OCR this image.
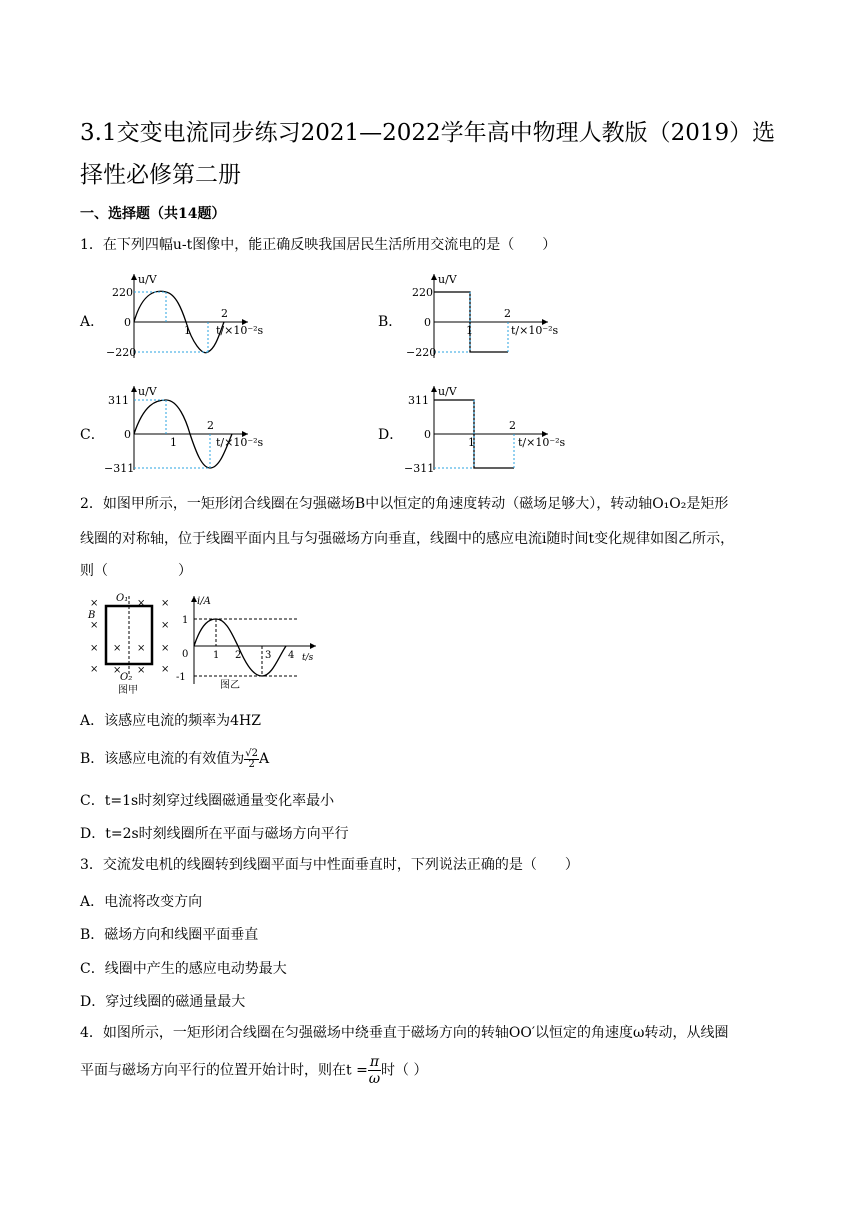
3.1交变电流同步练习2021—2022学年高中物理人教版（2019）选择性必修第二册
一、选择题（共14题）
1．在下列四幅u-t图像中，能正确反映我国居民生活所用交流电的是（　　）
A．	B．
C．	D．
u/V
220
0
−220
1
2
t/×10⁻²s
u/V
220
0
−220
1
2
t/×10⁻²s
u/V
311
0
−311
1
2
t/×10⁻²s
u/V
311
0
−311
1
2
t/×10⁻²s
2．如图甲所示，一矩形闭合线圈在匀强磁场B中以恒定的角速度转动（磁场足够大），转动轴O₁O₂是矩形
线圈的对称轴，位于线圈平面内且与匀强磁场方向垂直，线圈中的感应电流i随时间t变化规律如图乙所示，
则（　　　　　）
×	× ×
×	×
× × × ×
×	×
× ×
B
O₁
O₂
图甲
i/A
1
0
-1
1 2 3 4 t/s
图乙
A．该感应电流的频率为4HZ
B．该感应电流的有效值为 $\frac{√2}{2}$ A
C．t=1s时刻穿过线圈磁通量变化率最小
D．t=2s时刻线圈所在平面与磁场方向平行
3．交流发电机的线圈转到线圈平面与中性面垂直时，下列说法正确的是（　　）
A．电流将改变方向
B．磁场方向和线圈平面垂直
C．线圈中产生的感应电动势最大
D．穿过线圈的磁通量最大
4．如图所示，一矩形闭合线圈在匀强磁场中绕垂直于磁场方向的转轴OO′以恒定的角速度ω转动，从线圈
平面与磁场方向平行的位置开始计时，则在$t = \frac{\pi}{\omega}$ 时（ ）
